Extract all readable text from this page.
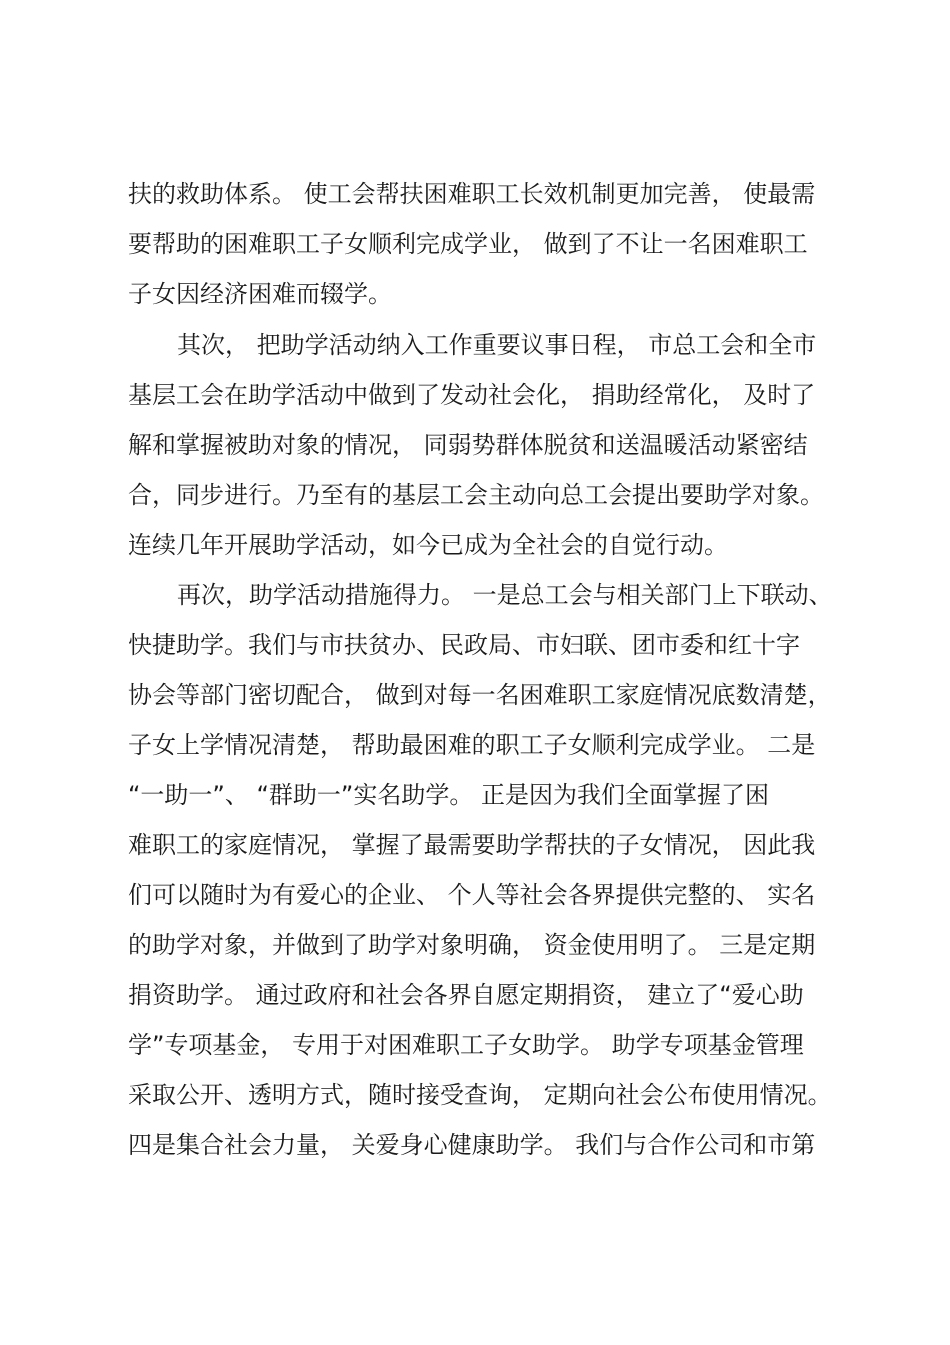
扶的救助体系。 使工会帮扶困难职工长效机制更加完善， 使最需
要帮助的困难职工子女顺利完成学业， 做到了不让一名困难职工
子女因经济困难而辍学。
其次， 把助学活动纳入工作重要议事日程， 市总工会和全市
基层工会在助学活动中做到了发动社会化， 捐助经常化， 及时了
解和掌握被助对象的情况， 同弱势群体脱贫和送温暖活动紧密结
合，同步进行。乃至有的基层工会主动向总工会提出要助学对象。
连续几年开展助学活动，如今已成为全社会的自觉行动。
再次，助学活动措施得力。 一是总工会与相关部门上下联动、
快捷助学。我们与市扶贫办、民政局、市妇联、团市委和红十字
协会等部门密切配合， 做到对每一名困难职工家庭情况底数清楚，
子女上学情况清楚， 帮助最困难的职工子女顺利完成学业。 二是
“一助一”、 “群助一”实名助学。 正是因为我们全面掌握了困
难职工的家庭情况， 掌握了最需要助学帮扶的子女情况， 因此我
们可以随时为有爱心的企业、 个人等社会各界提供完整的、 实名
的助学对象，并做到了助学对象明确， 资金使用明了。 三是定期
捐资助学。 通过政府和社会各界自愿定期捐资， 建立了“爱心助
学”专项基金， 专用于对困难职工子女助学。 助学专项基金管理
采取公开、透明方式，随时接受查询， 定期向社会公布使用情况。
四是集合社会力量， 关爱身心健康助学。 我们与合作公司和市第
